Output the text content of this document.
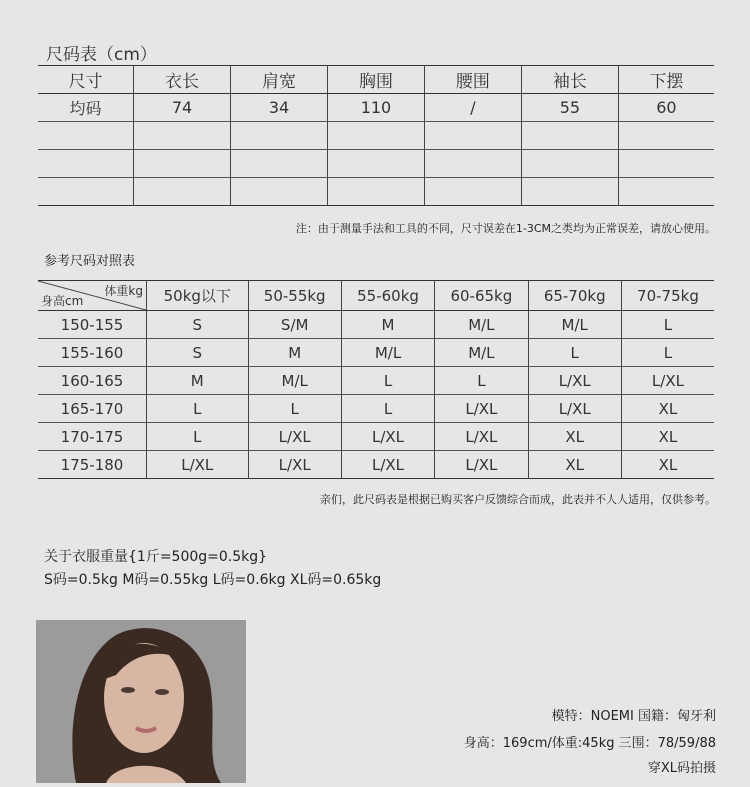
尺码表（cm）
尺寸	衣长	肩宽	胸围	腰围	袖长	下摆
均码	74	34	110	/	55	60

注：由于测量手法和工具的不同，尺寸误差在1-3CM之类均为正常误差，请放心使用。
参考尺码对照表
体重kg
身高cm	50kg以下	50-55kg	55-60kg	60-65kg	65-70kg	70-75kg
150-155	S	S/M	M	M/L	M/L	L
155-160	S	M	M/L	M/L	L	L
160-165	M	M/L	L	L	L/XL	L/XL
165-170	L	L	L	L/XL	L/XL	XL
170-175	L	L/XL	L/XL	L/XL	XL	XL
175-180	L/XL	L/XL	L/XL	L/XL	XL	XL
亲们，此尺码表是根据已购买客户反馈综合而成，此表并不人人适用，仅供参考。
关于衣服重量{1斤=500g=0.5kg}
S码=0.5kg M码=0.55kg L码=0.6kg XL码=0.65kg
模特：NOEMI 国籍：匈牙利
身高：169cm/体重:45kg 三围：78/59/88
穿XL码拍摄
